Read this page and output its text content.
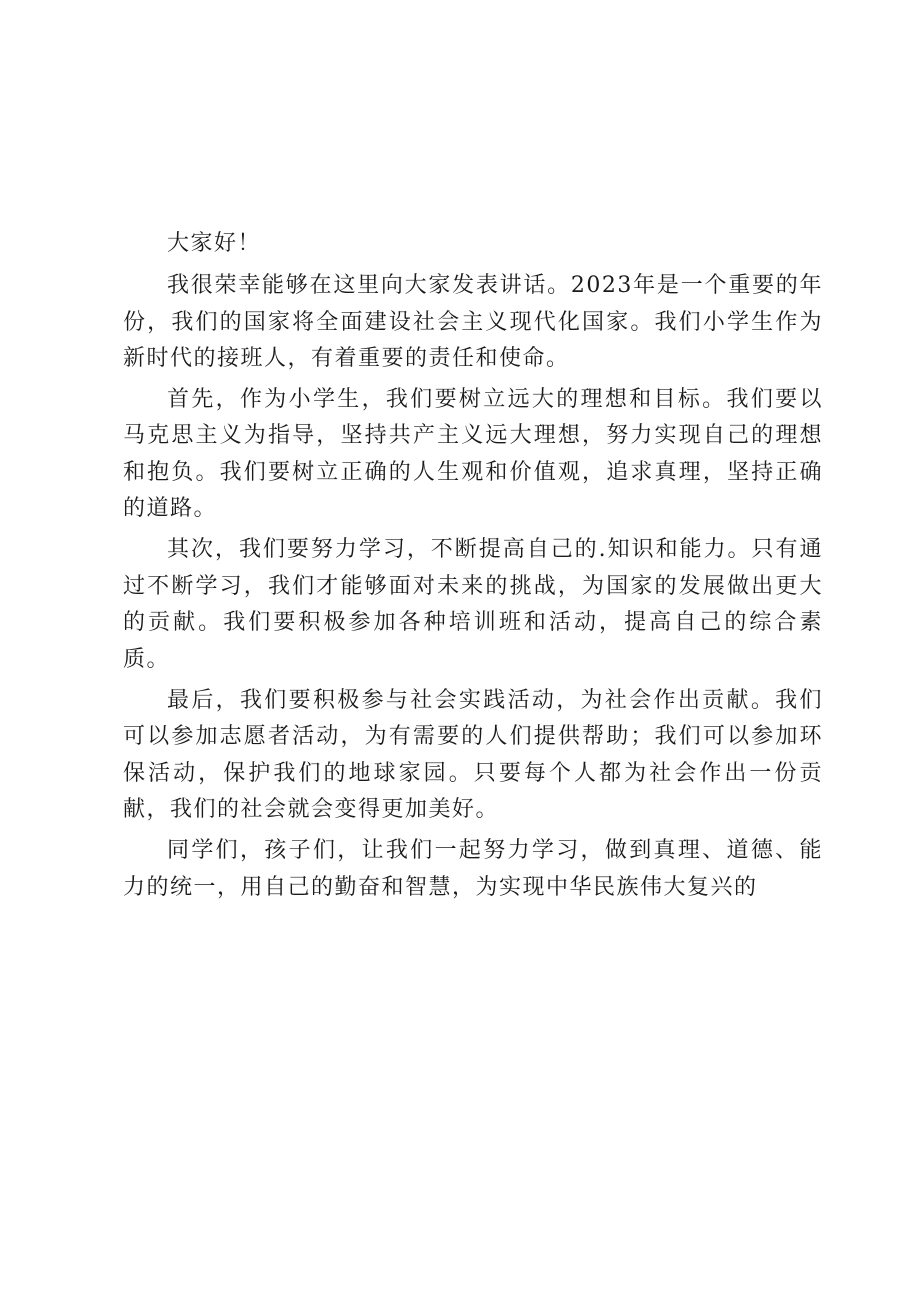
大家好！

我很荣幸能够在这里向大家发表讲话。2023年是一个重要的年份，我们的国家将全面建设社会主义现代化国家。我们小学生作为新时代的接班人，有着重要的责任和使命。

首先，作为小学生，我们要树立远大的理想和目标。我们要以马克思主义为指导，坚持共产主义远大理想，努力实现自己的理想和抱负。我们要树立正确的人生观和价值观，追求真理，坚持正确的道路。

其次，我们要努力学习，不断提高自己的.知识和能力。只有通过不断学习，我们才能够面对未来的挑战，为国家的发展做出更大的贡献。我们要积极参加各种培训班和活动，提高自己的综合素质。

最后，我们要积极参与社会实践活动，为社会作出贡献。我们可以参加志愿者活动，为有需要的人们提供帮助；我们可以参加环保活动，保护我们的地球家园。只要每个人都为社会作出一份贡献，我们的社会就会变得更加美好。

同学们，孩子们，让我们一起努力学习，做到真理、道德、能力的统一，用自己的勤奋和智慧，为实现中华民族伟大复兴的
